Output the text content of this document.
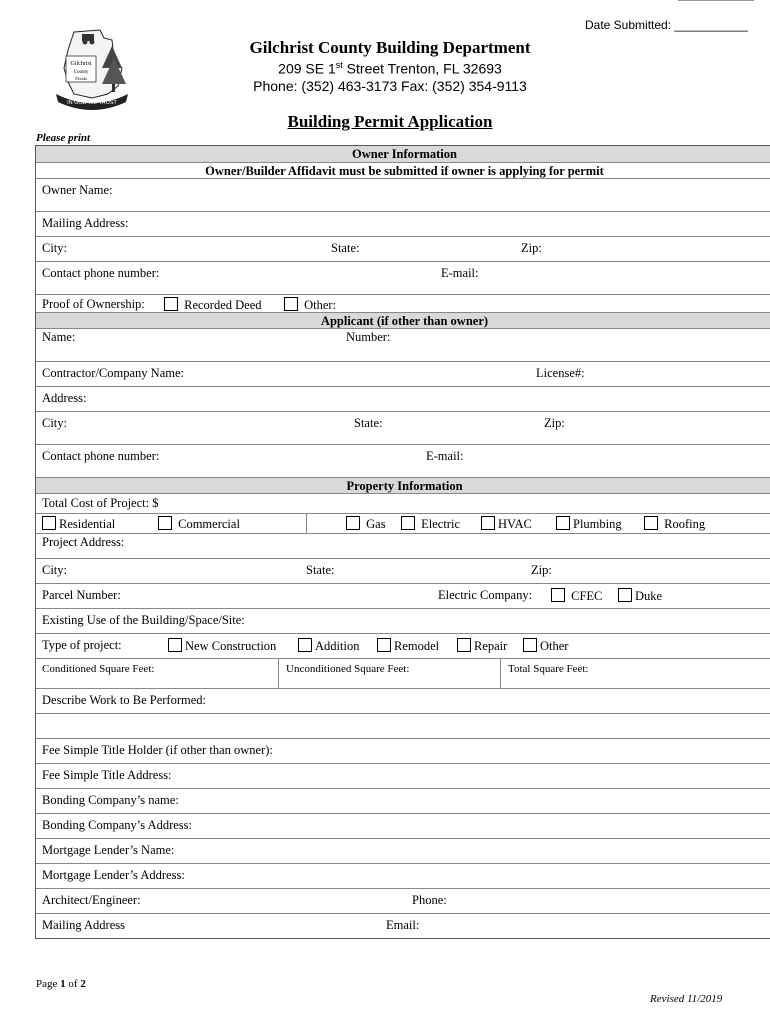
Date Submitted: ___________
Gilchrist
County
Florida
IN GOD WE TRUST
Gilchrist County Building Department
209 SE 1st Street Trenton, FL 32693
Phone: (352) 463-3173 Fax: (352) 354-9113
Building Permit Application
Please print
Owner Information
Owner/Builder Affidavit must be submitted if owner is applying for permit
Owner Name:
Mailing Address:
City:	State:	Zip:
Contact phone number:	E-mail:
Proof of Ownership:	Recorded Deed	Other:
Applicant (if other than owner)
Name:	Number:
Contractor/Company Name:	License#:
Address:
City:	State:	Zip:
Contact phone number:	E-mail:
Property Information
Total Cost of Project: $
Residential	Commercial	Gas	Electric	HVAC	Plumbing	Roofing
Project Address:
City:	State:	Zip:
Parcel Number:	Electric Company:	CFEC	Duke
Existing Use of the Building/Space/Site:
Type of project:	New Construction	Addition	Remodel	Repair	Other
Conditioned Square Feet:	Unconditioned Square Feet:	Total Square Feet:
Describe Work to Be Performed:
Fee Simple Title Holder (if other than owner):
Fee Simple Title Address:
Bonding Company’s name:
Bonding Company’s Address:
Mortgage Lender’s Name:
Mortgage Lender’s Address:
Architect/Engineer:	Phone:
Mailing Address	Email:
Page 1 of 2
Revised 11/2019
